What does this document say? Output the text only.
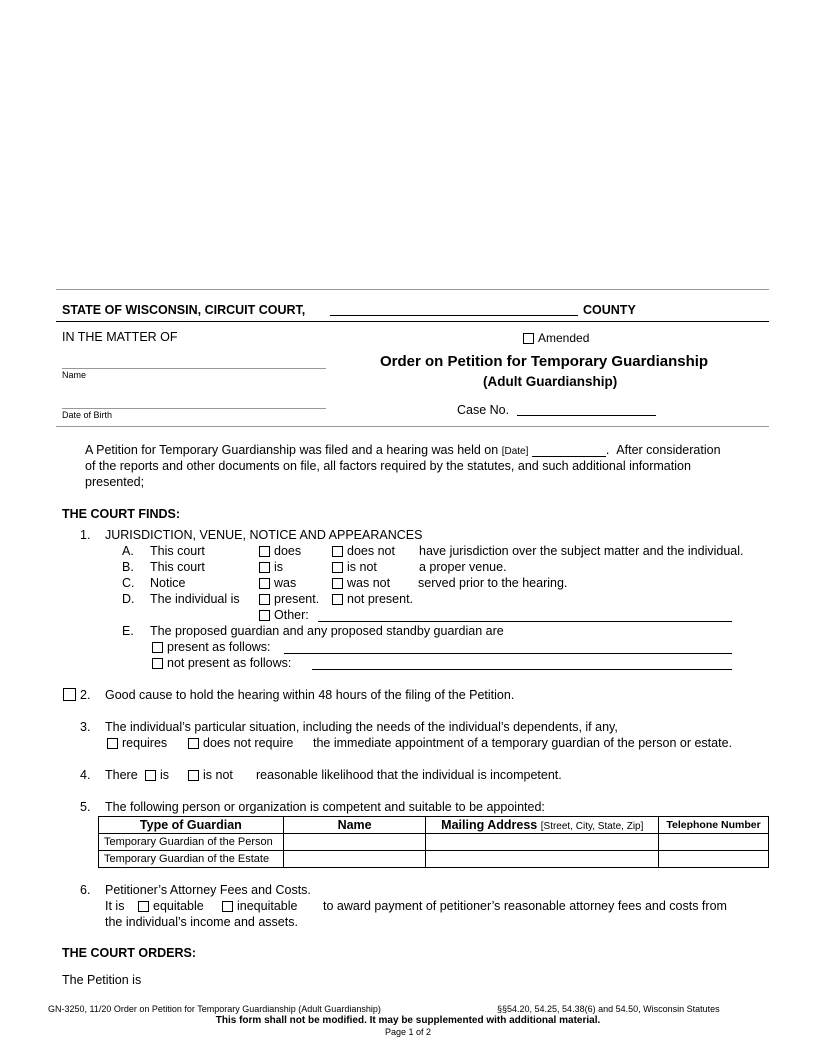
STATE OF WISCONSIN, CIRCUIT COURT,	COUNTY
IN THE MATTER OF	Amended
Name
Date of Birth
Order on Petition for Temporary Guardianship
(Adult Guardianship)
Case No.
A Petition for Temporary Guardianship was filed and a hearing was held on [Date]	.  After consideration
of the reports and other documents on file, all factors required by the statutes, and such additional information
presented;
THE COURT FINDS:
1. JURISDICTION, VENUE, NOTICE AND APPEARANCES
A. This court	does	does not have jurisdiction over the subject matter and the individual.
B. This court	is	is not	a proper venue.
C. Notice	was	was not served prior to the hearing.
D. The individual is	present.	not present.
Other:
E. The proposed guardian and any proposed standby guardian are
present as follows:
not present as follows:
2. Good cause to hold the hearing within 48 hours of the filing of the Petition.
3. The individual’s particular situation, including the needs of the individual’s dependents, if any,
requires	does not require the immediate appointment of a temporary guardian of the person or estate.
4. There	is	is not reasonable likelihood that the individual is incompetent.
5. The following person or organization is competent and suitable to be appointed:
Type of Guardian	Name	Mailing Address [Street, City, State, Zip]	Telephone Number
Temporary Guardian of the Person			
Temporary Guardian of the Estate			
6. Petitioner’s Attorney Fees and Costs.
It is	equitable	inequitable to award payment of petitioner’s reasonable attorney fees and costs from
the individual’s income and assets.
THE COURT ORDERS:
The Petition is
GN-3250, 11/20 Order on Petition for Temporary Guardianship (Adult Guardianship)	§§54.20, 54.25, 54.38(6) and 54.50, Wisconsin Statutes
This form shall not be modified. It may be supplemented with additional material.
Page 1 of 2
